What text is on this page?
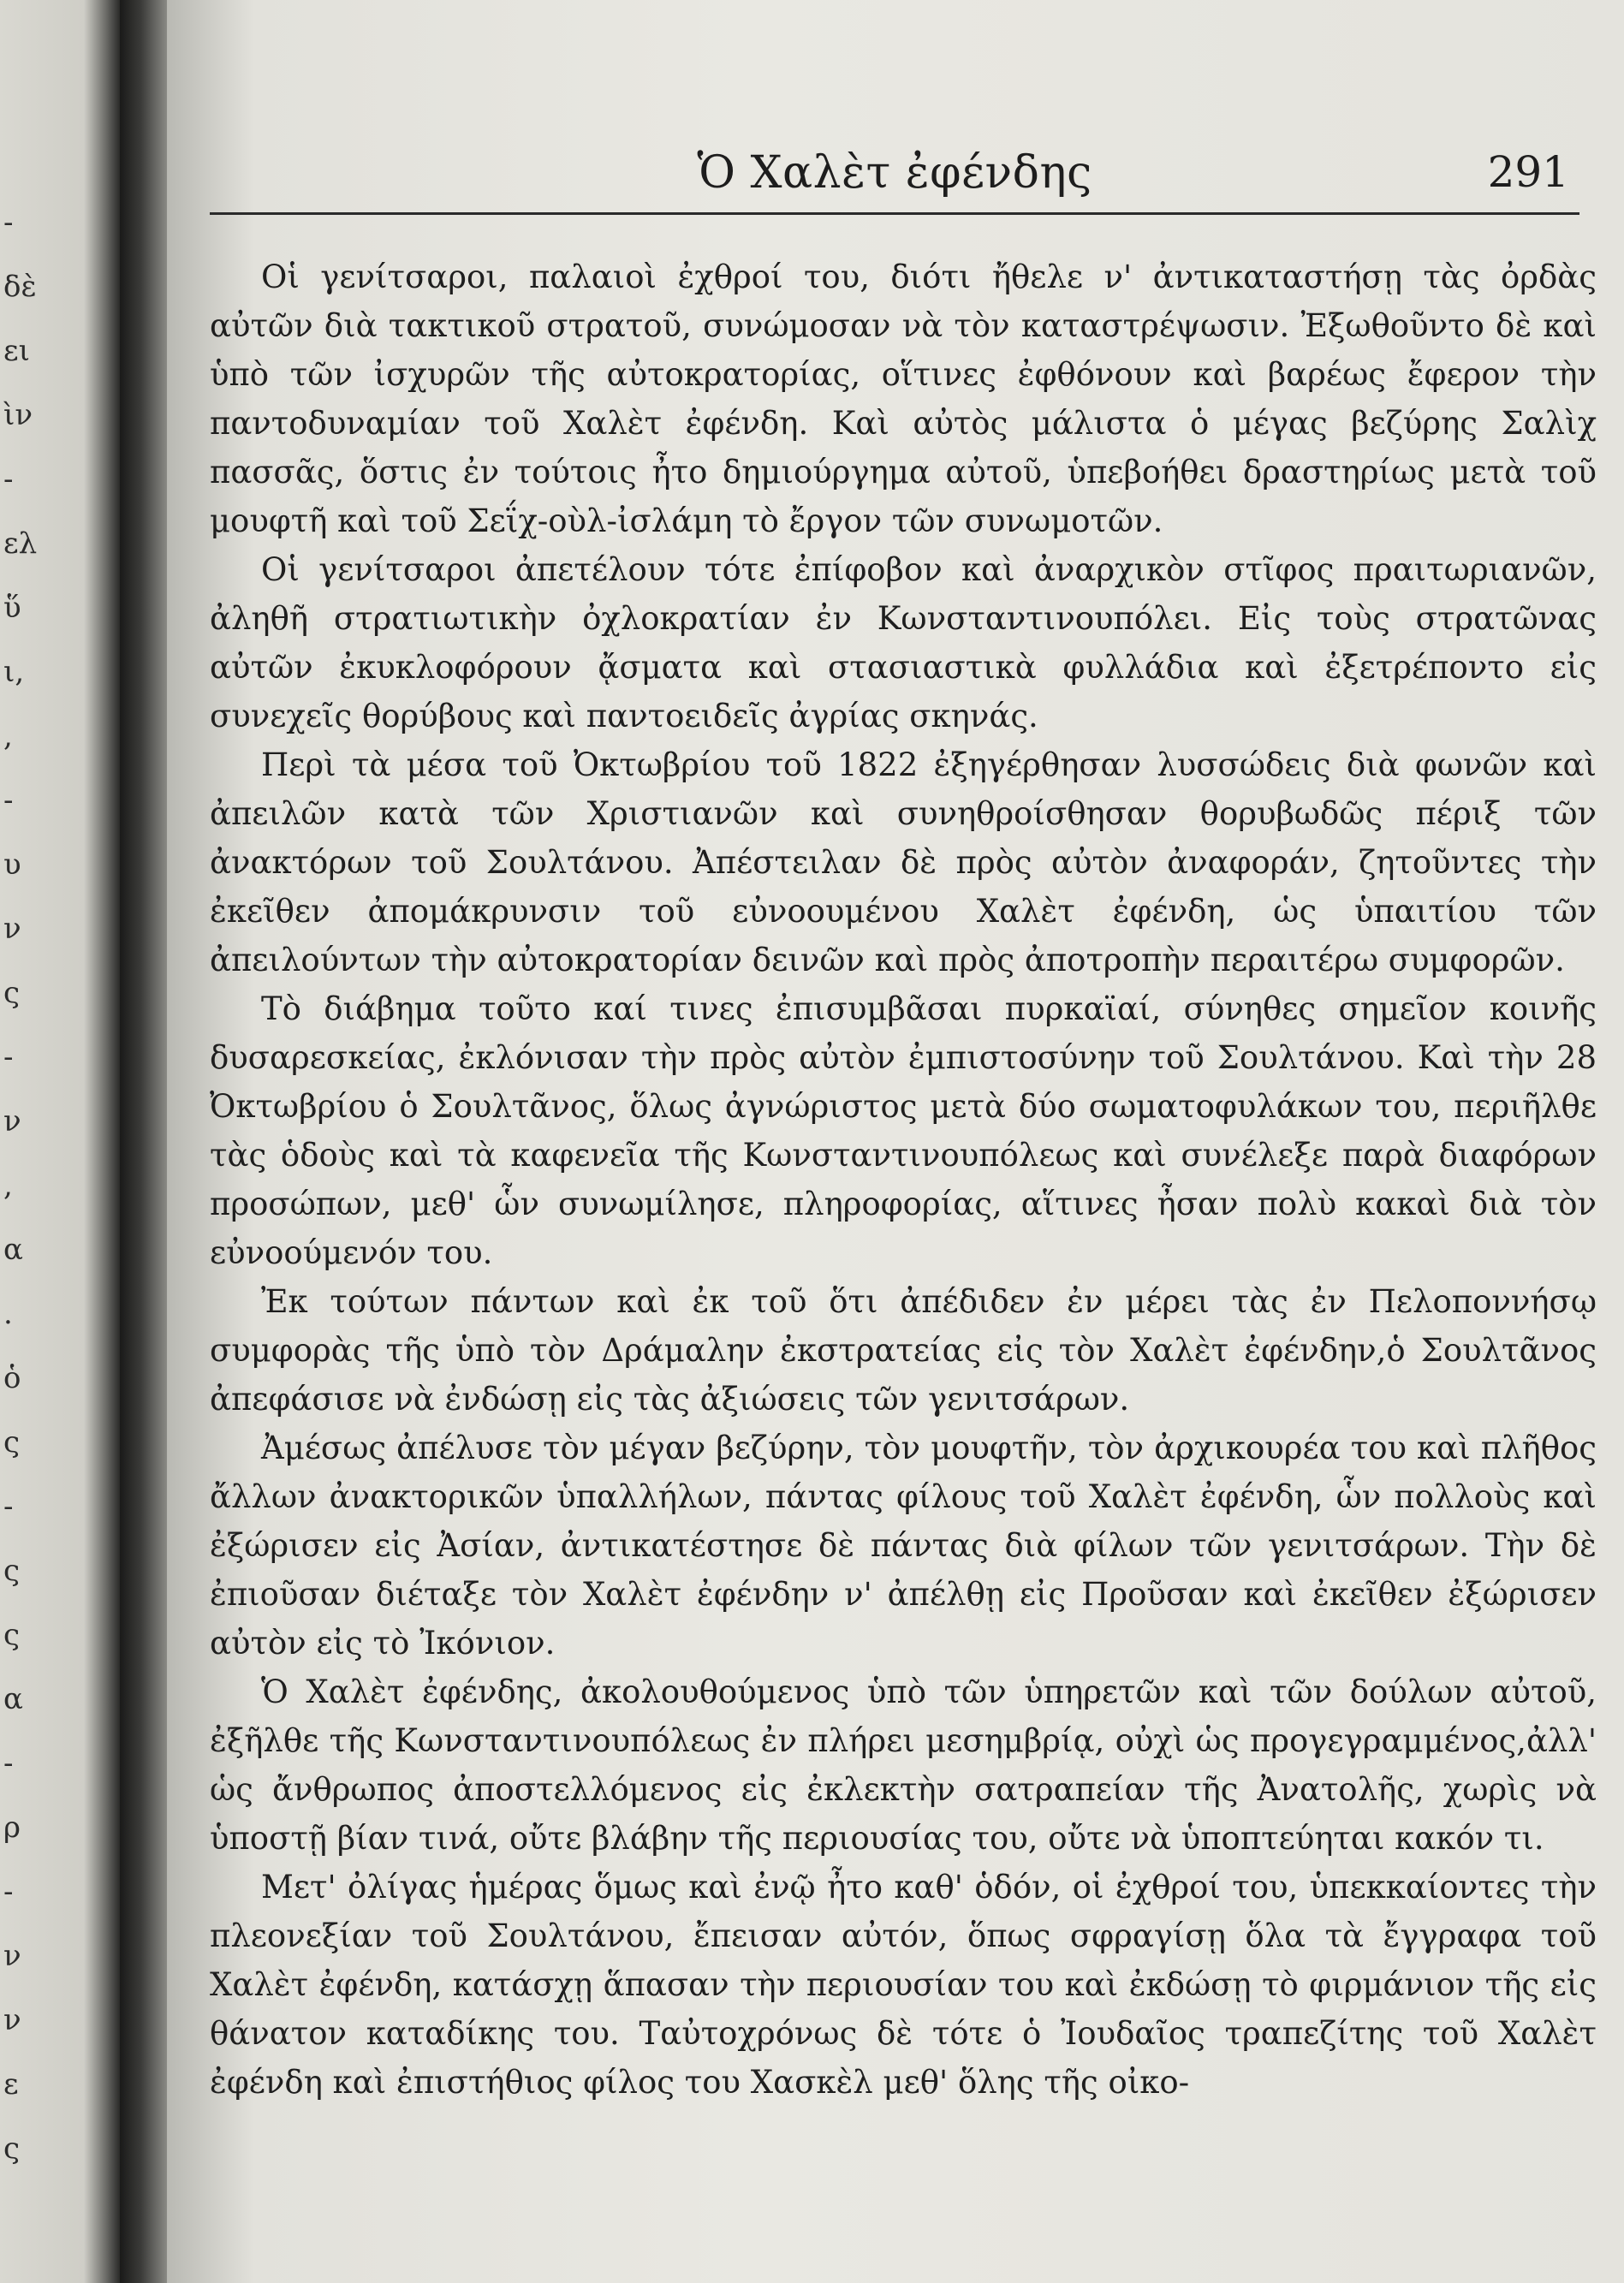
-
δὲ
ει
ὶν
-
ελ
ὕ
ι,
,
-
υ
ν
ς
-
ν
,
α
.
ὁ
ς
-
ς
ς
α
-
ρ
-
ν
ν
ε
ς
Ὁ Χαλὲτ ἐφένδης	291

Οἱ γενίτσαροι, παλαιοὶ ἐχθροί του, διότι ἤθελε ν' ἀντικαταστήσῃ τὰς ὀρδὰς αὐτῶν διὰ τακτικοῦ στρατοῦ, συνώμοσαν νὰ τὸν καταστρέψωσιν. Ἐξωθοῦντο δὲ καὶ ὑπὸ τῶν ἰσχυρῶν τῆς αὐτοκρατορίας, οἵτινες ἐφθόνουν καὶ βαρέως ἔφερον τὴν παντοδυναμίαν τοῦ Χαλὲτ ἐφένδη. Καὶ αὐτὸς μάλιστα ὁ μέγας βεζύρης Σαλὶχ πασσᾶς, ὅστις ἐν τούτοις ἦτο δημιούργημα αὐτοῦ, ὑπεβοήθει δραστηρίως μετὰ τοῦ μουφτῆ καὶ τοῦ Σεΐχ-οὺλ-ἰσλάμη τὸ ἔργον τῶν συνωμοτῶν.

Οἱ γενίτσαροι ἀπετέλουν τότε ἐπίφοβον καὶ ἀναρχικὸν στῖφος πραιτωριανῶν, ἀληθῆ στρατιωτικὴν ὀχλοκρατίαν ἐν Κωνσταντινουπόλει. Εἰς τοὺς στρατῶνας αὐτῶν ἐκυκλοφόρουν ᾄσματα καὶ στασιαστικὰ φυλλάδια καὶ ἐξετρέποντο εἰς συνεχεῖς θορύβους καὶ παντοειδεῖς ἀγρίας σκηνάς.

Περὶ τὰ μέσα τοῦ Ὀκτωβρίου τοῦ 1822 ἐξηγέρθησαν λυσσώδεις διὰ φωνῶν καὶ ἀπειλῶν κατὰ τῶν Χριστιανῶν καὶ συνηθροίσθησαν θορυβωδῶς πέριξ τῶν ἀνακτόρων τοῦ Σουλτάνου. Ἀπέστειλαν δὲ πρὸς αὐτὸν ἀναφοράν, ζητοῦντες τὴν ἐκεῖθεν ἀπομάκρυνσιν τοῦ εὐνοουμένου Χαλὲτ ἐφένδη, ὡς ὑπαιτίου τῶν ἀπειλούντων τὴν αὐτοκρατορίαν δεινῶν καὶ πρὸς ἀποτροπὴν περαιτέρω συμφορῶν.

Τὸ διάβημα τοῦτο καί τινες ἐπισυμβᾶσαι πυρκαϊαί, σύνηθες σημεῖον κοινῆς δυσαρεσκείας, ἐκλόνισαν τὴν πρὸς αὐτὸν ἐμπιστοσύνην τοῦ Σουλτάνου. Καὶ τὴν 28 Ὀκτωβρίου ὁ Σουλτᾶνος, ὅλως ἀγνώριστος μετὰ δύο σωματοφυλάκων του, περιῆλθε τὰς ὁδοὺς καὶ τὰ καφενεῖα τῆς Κωνσταντινουπόλεως καὶ συνέλεξε παρὰ διαφόρων προσώπων, μεθ' ὧν συνωμίλησε, πληροφορίας, αἵτινες ἦσαν πολὺ κακαὶ διὰ τὸν εὐνοούμενόν του.

Ἐκ τούτων πάντων καὶ ἐκ τοῦ ὅτι ἀπέδιδεν ἐν μέρει τὰς ἐν Πελοποννήσῳ συμφορὰς τῆς ὑπὸ τὸν Δράμαλην ἐκστρατείας εἰς τὸν Χαλὲτ ἐφένδην,ὁ Σουλτᾶνος ἀπεφάσισε νὰ ἐνδώσῃ εἰς τὰς ἀξιώσεις τῶν γενιτσάρων.

Ἀμέσως ἀπέλυσε τὸν μέγαν βεζύρην, τὸν μουφτῆν, τὸν ἀρχικουρέα του καὶ πλῆθος ἄλλων ἀνακτορικῶν ὑπαλλήλων, πάντας φίλους τοῦ Χαλὲτ ἐφένδη, ὧν πολλοὺς καὶ ἐξώρισεν εἰς Ἀσίαν, ἀντικατέστησε δὲ πάντας διὰ φίλων τῶν γενιτσάρων. Τὴν δὲ ἐπιοῦσαν διέταξε τὸν Χαλὲτ ἐφένδην ν' ἀπέλθῃ εἰς Προῦσαν καὶ ἐκεῖθεν ἐξώρισεν αὐτὸν εἰς τὸ Ἰκόνιον.

Ὁ Χαλὲτ ἐφένδης, ἀκολουθούμενος ὑπὸ τῶν ὑπηρετῶν καὶ τῶν δούλων αὐτοῦ, ἐξῆλθε τῆς Κωνσταντινουπόλεως ἐν πλήρει μεσημβρίᾳ, οὐχὶ ὡς προγεγραμμένος,ἀλλ' ὡς ἄνθρωπος ἀποστελλόμενος εἰς ἐκλεκτὴν σατραπείαν τῆς Ἀνατολῆς, χωρὶς νὰ ὑποστῇ βίαν τινά, οὔτε βλάβην τῆς περιουσίας του, οὔτε νὰ ὑποπτεύηται κακόν τι.

Μετ' ὀλίγας ἡμέρας ὅμως καὶ ἐνῷ ἦτο καθ' ὁδόν, οἱ ἐχθροί του, ὑπεκκαίοντες τὴν πλεονεξίαν τοῦ Σουλτάνου, ἔπεισαν αὐτόν, ὅπως σφραγίσῃ ὅλα τὰ ἔγγραφα τοῦ Χαλὲτ ἐφένδη, κατάσχῃ ἅπασαν τὴν περιουσίαν του καὶ ἐκδώσῃ τὸ φιρμάνιον τῆς εἰς θάνατον καταδίκης του. Ταὐτοχρόνως δὲ τότε ὁ Ἰουδαῖος τραπεζίτης τοῦ Χαλὲτ ἐφένδη καὶ ἐπιστήθιος φίλος του Χασκὲλ μεθ' ὅλης τῆς οἰκο-
